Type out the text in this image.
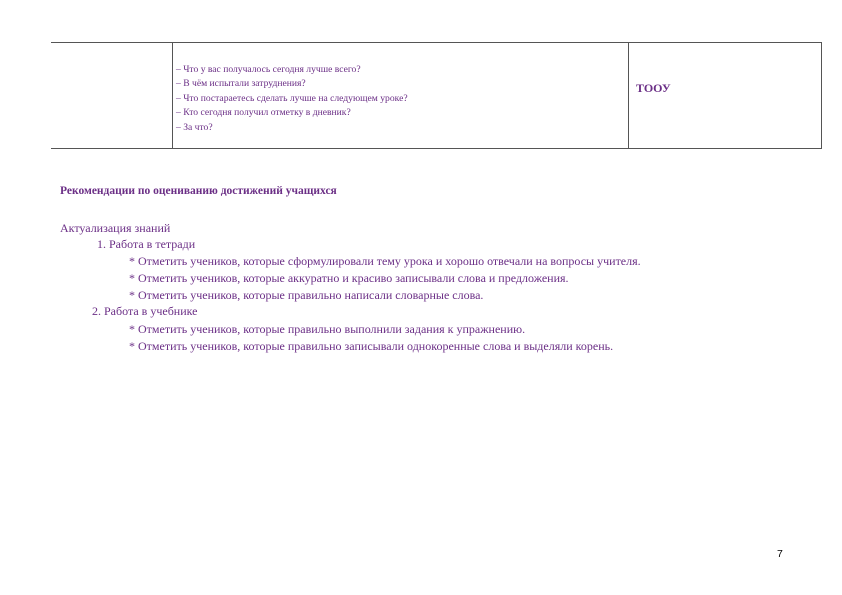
– Что у вас получалось сегодня лучше всего?
– В чём испытали затруднения?
– Что постараетесь сделать лучше на следующем уроке?
– Кто сегодня получил отметку в дневник?
– За что?
ТООУ
Рекомендации по оцениванию достижений учащихся
Актуализация знаний
1. Работа в тетради
* Отметить учеников, которые сформулировали тему урока и хорошо отвечали на вопросы учителя.
* Отметить учеников, которые аккуратно и красиво записывали слова и предложения.
* Отметить учеников, которые правильно написали словарные слова.
2. Работа в учебнике
* Отметить учеников, которые правильно выполнили задания к упражнению.
* Отметить учеников, которые правильно записывали однокоренные слова и выделяли корень.
7
